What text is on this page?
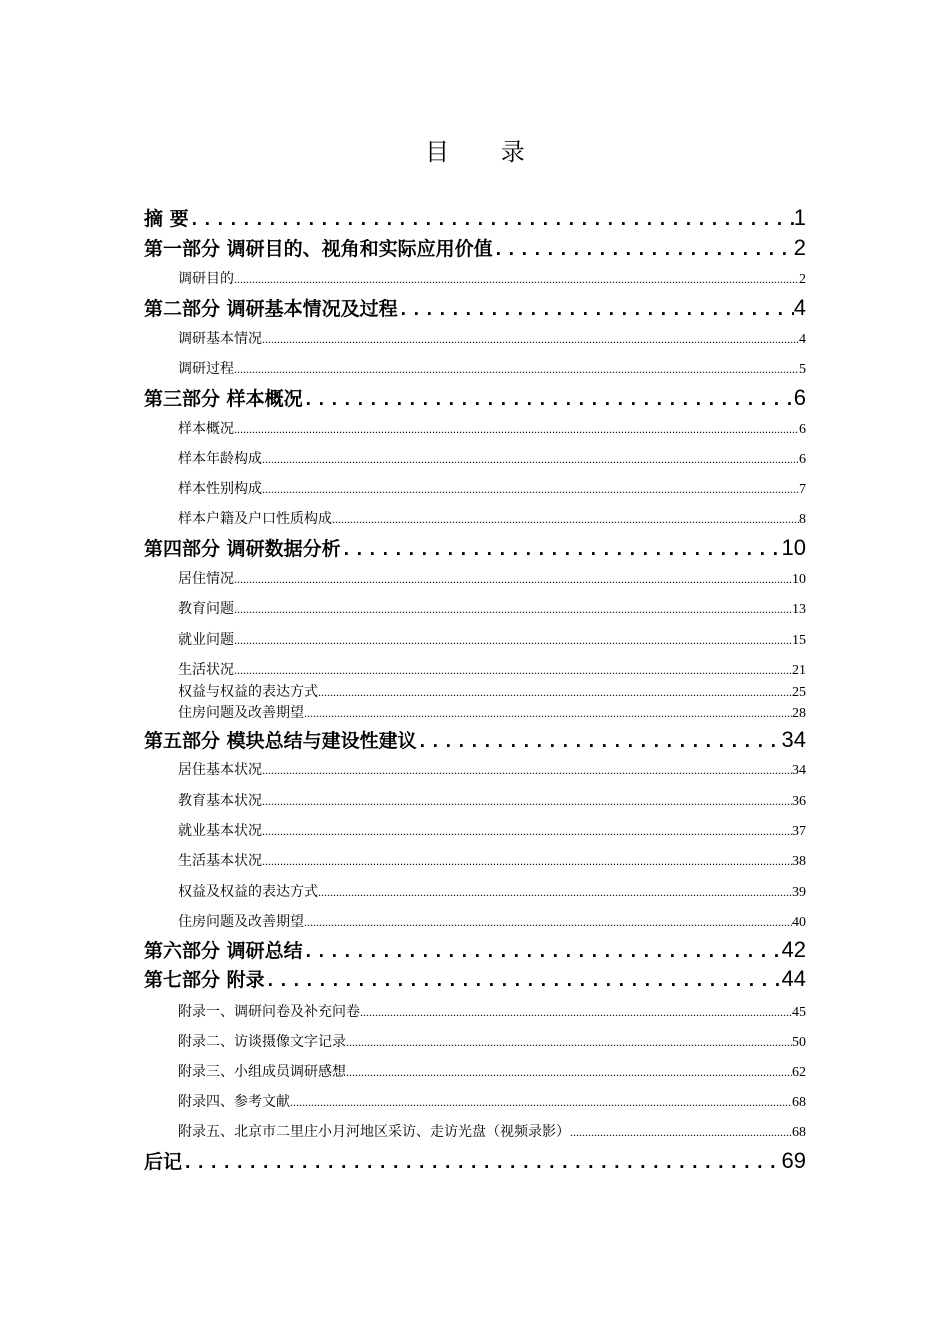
目 录
摘 要 .....	1
第一部分 调研目的、视角和实际应用价值 .....	2
调研目的 .....	2
第二部分 调研基本情况及过程 .....	4
调研基本情况 .....	4
调研过程 .....	5
第三部分 样本概况 .....	6
样本概况 .....	6
样本年龄构成 .....	6
样本性别构成 .....	7
样本户籍及户口性质构成 .....	8
第四部分 调研数据分析 .....	10
居住情况 .....	10
教育问题 .....	13
就业问题 .....	15
生活状况 .....	21
权益与权益的表达方式 .....	25
住房问题及改善期望 .....	28
第五部分 模块总结与建设性建议 .....	34
居住基本状况 .....	34
教育基本状况 .....	36
就业基本状况 .....	37
生活基本状况 .....	38
权益及权益的表达方式 .....	39
住房问题及改善期望 .....	40
第六部分 调研总结 .....	42
第七部分 附录 .....	44
附录一、调研问卷及补充问卷 .....	45
附录二、访谈摄像文字记录 .....	50
附录三、小组成员调研感想 .....	62
附录四、参考文献 .....	68
附录五、北京市二里庄小月河地区采访、走访光盘（视频录影） .....	68
后记 .....	69
